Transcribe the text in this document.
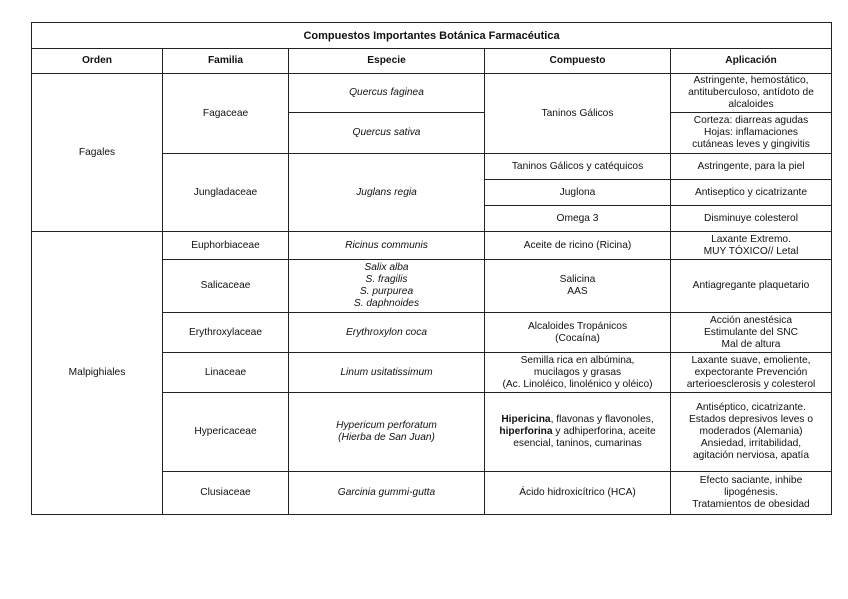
Compuestos Importantes Botánica Farmacéutica				
Orden	Familia	Especie	Compuesto	Aplicación
Fagales	Fagaceae	Quercus faginea	Taninos Gálicos	Astringente, hemostático,
antituberculoso, antídoto de
alcaloides

		Quercus sativa		Corteza: diarreas agudas
Hojas: inflamaciones
cutáneas leves y gingivitis

	Jungladaceae	Juglans regia	Taninos Gálicos y catéquicos	Astringente, para la piel
			Juglona	Antiseptico y cicatrizante
			Omega 3	Disminuye colesterol
Malpighiales	Euphorbiaceae	Ricinus communis	Aceite de ricino (Ricina)	Laxante Extremo.
MUY TÓXICO// Letal

	Salicaceae	Salix alba
S. fragilis
S. purpurea
S. daphnoides	Salicina
AAS	Antiagregante plaquetario
	Erythroxylaceae	Erythroxylon coca	Alcaloides Tropánicos
(Cocaína)	Acción anestésica
Estimulante del SNC
Mal de altura

	Linaceae	Linum usitatissimum	Semilla rica en albúmina,
mucilagos y grasas
(Ac. Linoléico, linolénico y oléico)	Laxante suave, emoliente,
expectorante Prevención
arterioesclerosis y colesterol

	Hypericaceae	Hypericum perforatum
(Hierba de San Juan)	Hipericina, flavonas y flavonoles,
hiperforina y adhiperforina, aceite
esencial, taninos, cumarinas	Antiséptico, cicatrizante.
Estados depresivos leves o
moderados (Alemania)
Ansiedad, irritabilidad,
agitación nerviosa, apatía

	Clusiaceae	Garcinia gummi-gutta	Ácido hidroxicítrico (HCA)	Efecto saciante, inhibe
lipogénesis.
Tratamientos de obesidad
